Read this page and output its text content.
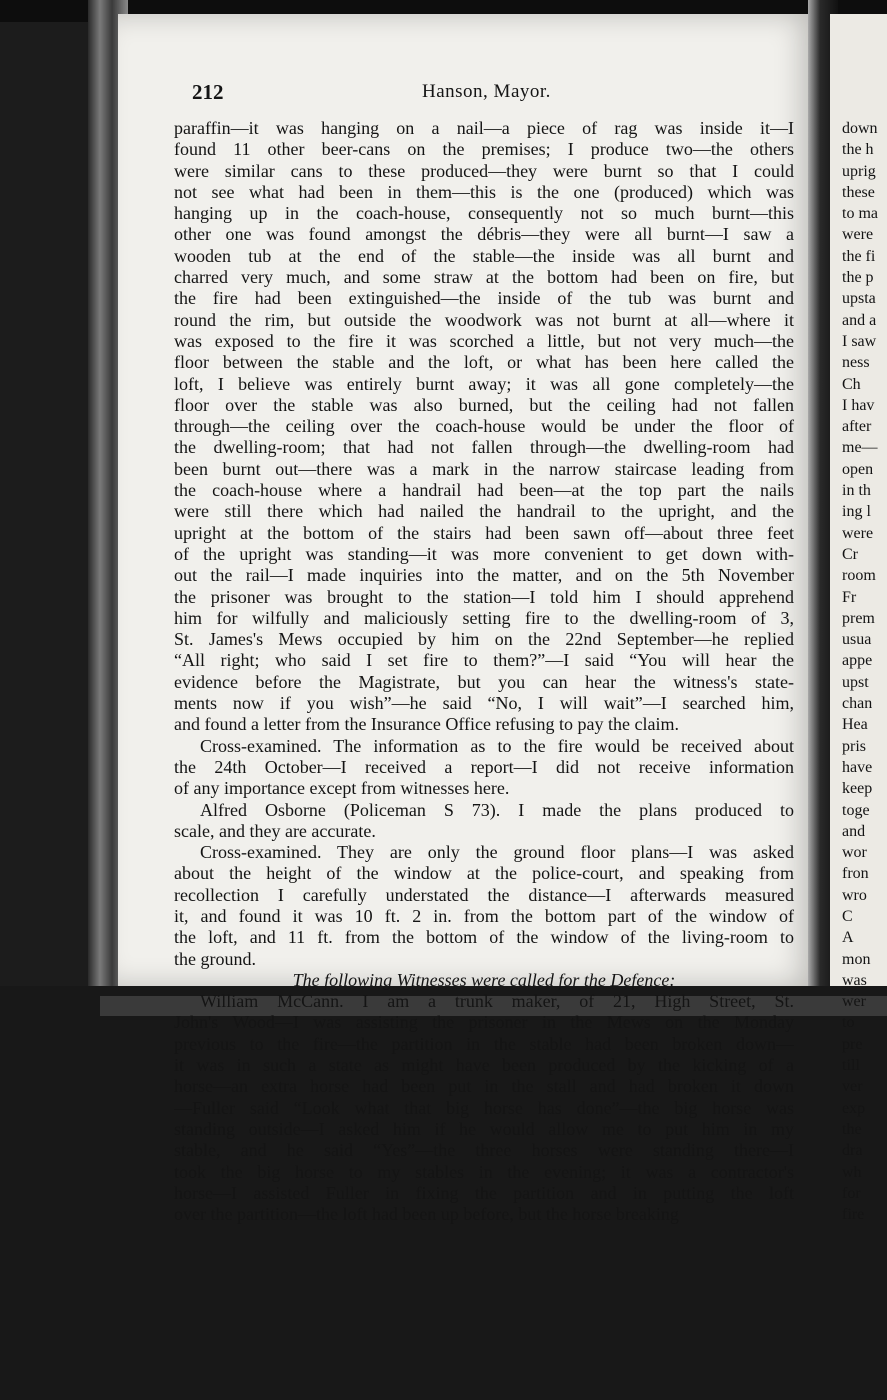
212	Hanson, Mayor.
paraffin—it was hanging on a nail—a piece of rag was inside it—I
found 11 other beer-cans on the premises; I produce two—the others
were similar cans to these produced—they were burnt so that I could
not see what had been in them—this is the one (produced) which was
hanging up in the coach-house, consequently not so much burnt—this
other one was found amongst the débris—they were all burnt—I saw a
wooden tub at the end of the stable—the inside was all burnt and
charred very much, and some straw at the bottom had been on fire, but
the fire had been extinguished—the inside of the tub was burnt and
round the rim, but outside the woodwork was not burnt at all—where it
was exposed to the fire it was scorched a little, but not very much—the
floor between the stable and the loft, or what has been here called the
loft, I believe was entirely burnt away; it was all gone completely—the
floor over the stable was also burned, but the ceiling had not fallen
through—the ceiling over the coach-house would be under the floor of
the dwelling-room; that had not fallen through—the dwelling-room had
been burnt out—there was a mark in the narrow staircase leading from
the coach-house where a handrail had been—at the top part the nails
were still there which had nailed the handrail to the upright, and the
upright at the bottom of the stairs had been sawn off—about three feet
of the upright was standing—it was more convenient to get down with-
out the rail—I made inquiries into the matter, and on the 5th November
the prisoner was brought to the station—I told him I should apprehend
him for wilfully and maliciously setting fire to the dwelling-room of 3,
St. James's Mews occupied by him on the 22nd September—he replied
“All right; who said I set fire to them?”—I said “You will hear the
evidence before the Magistrate, but you can hear the witness's state-
ments now if you wish”—he said “No, I will wait”—I searched him,
and found a letter from the Insurance Office refusing to pay the claim.
Cross-examined. The information as to the fire would be received about
the 24th October—I received a report—I did not receive information
of any importance except from witnesses here.
Alfred Osborne (Policeman S 73). I made the plans produced to
scale, and they are accurate.
Cross-examined. They are only the ground floor plans—I was asked
about the height of the window at the police-court, and speaking from
recollection I carefully understated the distance—I afterwards measured
it, and found it was 10 ft. 2 in. from the bottom part of the window of
the loft, and 11 ft. from the bottom of the window of the living-room to
the ground.
The following Witnesses were called for the Defence:
William McCann. I am a trunk maker, of 21, High Street, St.
John's Wood—I was assisting the prisoner in the Mews on the Monday
previous to the fire—the partition in the stable had been broken down—
it was in such a state as might have been produced by the kicking of a
horse—an extra horse had been put in the stall and had broken it down
—Fuller said “Look what that big horse has done”—the big horse was
standing outside—I asked him if he would allow me to put him in my
stable, and he said “Yes”—the three horses were standing there—I
took the big horse to my stables in the evening; it was a contractor's
horse—I assisted Fuller in fixing the partition and in putting the loft
over the partition—the loft had been up before, but the horse breaking
down
the h
uprig
these
to ma
were
the fi
the p
upsta
and a
I saw
ness
Ch
I hav
after
me—
open
in th
ing l
were
Cr
room
Fr
prem
usua
appe
upst
chan
Hea
pris
have
keep
toge
and
wor
fron
wro
C
A
mon
was
wer
to
pre
till
ver
exp
the
dra
wh
for
fire
